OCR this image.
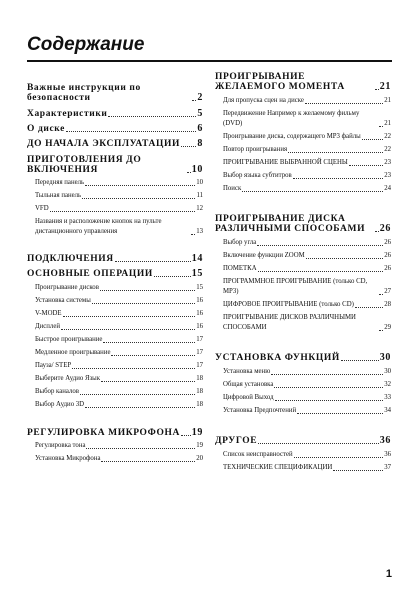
Содержание
Важные инструкции по безопасности	2
Характеристики	5
О диске	6
ДО НАЧАЛА ЭКСПЛУАТАЦИИ 8
ПРИГОТОВЛЕНИЯ ДО ВКЛЮЧЕНИЯ	10
Передняя панель	10
Тыльная панель	11
VFD	12
Названия и расположение кнопок на пульте дистанционного управления	13
ПОДКЛЮЧЕНИЯ	14
ОСНОВНЫЕ ОПЕРАЦИИ	15
Проигрывание дисков	15
Установка системы	16
V-MODE	16
Дисплей	16
Быстрое проигрывание	17
Медленное проигрывание	17
Пауза/ STEP	17
Выберите Аудио Язык	18
Выбор каналов	18
Выбор Аудио 3D	18
РЕГУЛИРОВКА МИКРОФОНА 19
Регулировка тона	19
Установка Микрофона	20
ПРОИГРЫВАНИЕ ЖЕЛАЕМОГО МОМЕНТА	21
Для пропуска сцен на диске	21
Передвижение Например к желаемому фильму (DVD)	21
Проигрывание диска, содержащего MP3 файлы	22
Повтор проигрывания	22
ПРОИГРЫВАНИЕ ВЫБРАННОЙ СЦЕНЫ	23
Выбор языка субтитров	23
Поиск	24
ПРОИГРЫВАНИЕ ДИСКА РАЗЛИЧНЫМИ СПОСОБАМИ	26
Выбор угла	26
Включение функции ZOOM	26
ПОМЕТКА	26
ПРОГРАММНОЕ ПРОИГРЫВАНИЕ (только CD, MP3)	27
ЦИФРОВОЕ ПРОИГРЫВАНИЕ (только CD)	28
ПРОИГРЫВАНИЕ ДИСКОВ РАЗЛИЧНЫМИ СПОСОБАМИ	29
УСТАНОВКА ФУНКЦИЙ	30
Установка меню	30
Общая установка	32
Цифровой Выход	33
Установка Предпочтений	34
ДРУГОЕ	36
Список неисправностей	36
ТЕХНИЧЕСКИЕ СПЕЦИФИКАЦИИ	37
1
